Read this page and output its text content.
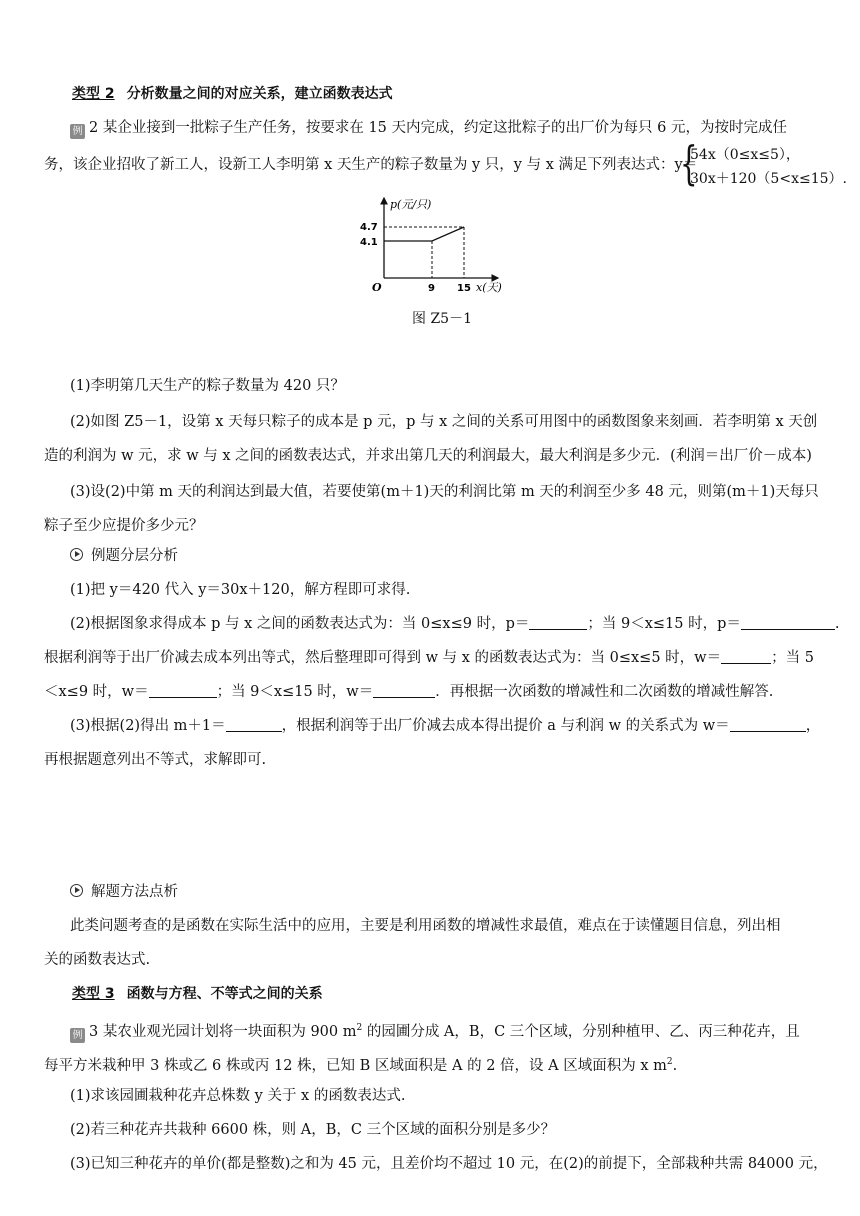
类型 2 分析数量之间的对应关系，建立函数表达式
例 2 某企业接到一批粽子生产任务，按要求在 15 天内完成，约定这批粽子的出厂价为每只 6 元，为按时完成任
务，该企业招收了新工人，设新工人李明第 x 天生产的粽子数量为 y 只，y 与 x 满足下列表达式：y＝
{
54x（0≤x≤5），
30x＋120（5<x≤15）.
p(元/只)
4.7
4.1
O	9 15 x(天)
图 Z5－1
(1)李明第几天生产的粽子数量为 420 只？
(2)如图 Z5－1，设第 x 天每只粽子的成本是 p 元，p 与 x 之间的关系可用图中的函数图象来刻画．若李明第 x 天创
造的利润为 w 元，求 w 与 x 之间的函数表达式，并求出第几天的利润最大，最大利润是多少元．(利润＝出厂价－成本)
(3)设(2)中第 m 天的利润达到最大值，若要使第(m＋1)天的利润比第 m 天的利润至少多 48 元，则第(m＋1)天每只
粽子至少应提价多少元？
例题分层分析
(1)把 y＝420 代入 y＝30x＋120，解方程即可求得.
(2)根据图象求得成本 p 与 x 之间的函数表达式为：当 0≤x≤9 时，p＝	；当 9＜x≤15 时，p＝	.
根据利润等于出厂价减去成本列出等式，然后整理即可得到 w 与 x 的函数表达式为：当 0≤x≤5 时，w＝	；当 5
＜x≤9 时，w＝	；当 9＜x≤15 时，w＝	．再根据一次函数的增减性和二次函数的增减性解答.
(3)根据(2)得出 m＋1＝	，根据利润等于出厂价减去成本得出提价 a 与利润 w 的关系式为 w＝	，
再根据题意列出不等式，求解即可.
解题方法点析
此类问题考查的是函数在实际生活中的应用，主要是利用函数的增减性求最值，难点在于读懂题目信息，列出相
关的函数表达式.
类型 3 函数与方程、不等式之间的关系
例 3 某农业观光园计划将一块面积为 900 $m^2$ 的园圃分成 A，B，C 三个区域，分别种植甲、乙、丙三种花卉，且
每平方米栽种甲 3 株或乙 6 株或丙 12 株，已知 B 区域面积是 A 的 2 倍，设 A 区域面积为 x $m^2$.
(1)求该园圃栽种花卉总株数 y 关于 x 的函数表达式.
(2)若三种花卉共栽种 6600 株，则 A，B，C 三个区域的面积分别是多少？
(3)已知三种花卉的单价(都是整数)之和为 45 元，且差价均不超过 10 元，在(2)的前提下，全部栽种共需 84000 元，
